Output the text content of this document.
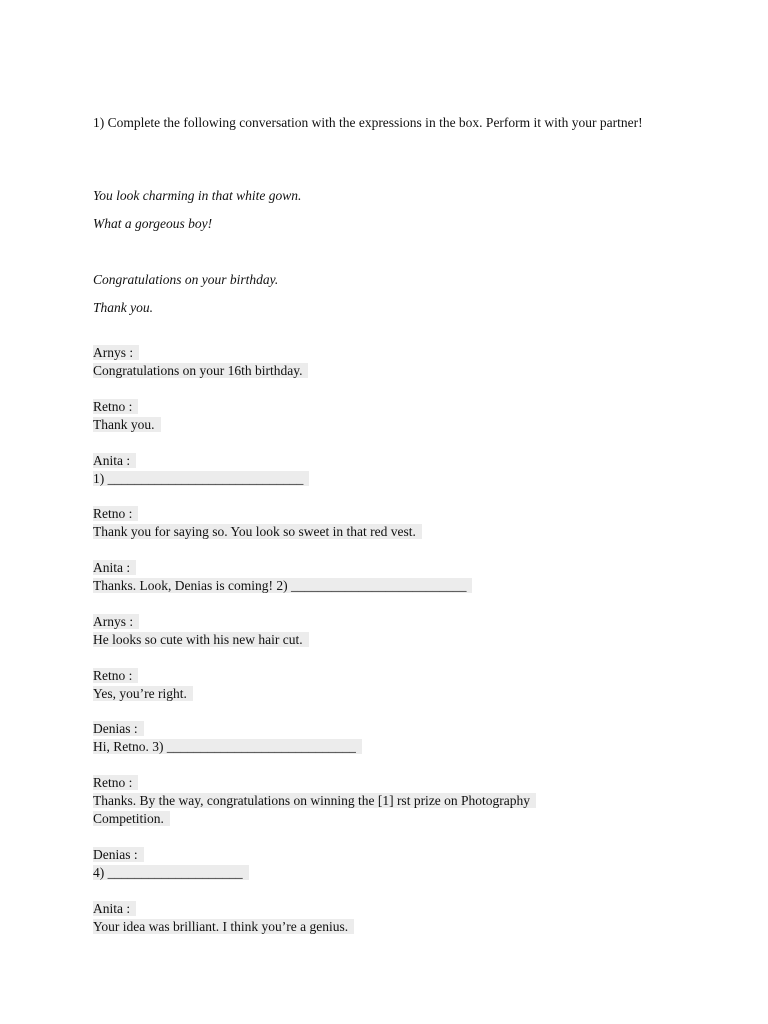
1) Complete the following conversation with the expressions in the box. Perform it with your partner!
You look charming in that white gown.
What a gorgeous boy!
Congratulations on your birthday.
Thank you.
Arnys :
Congratulations on your 16th birthday.
Retno :
Thank you.
Anita :
1) _____________________________
Retno :
Thank you for saying so. You look so sweet in that red vest.
Anita :
Thanks. Look, Denias is coming! 2) __________________________
Arnys :
He looks so cute with his new hair cut.
Retno :
Yes, you’re right.
Denias :
Hi, Retno. 3) ____________________________
Retno :
Thanks. By the way, congratulations on winning the [1] rst prize on Photography
Competition.
Denias :
4) ____________________
Anita :
Your idea was brilliant. I think you’re a genius.
